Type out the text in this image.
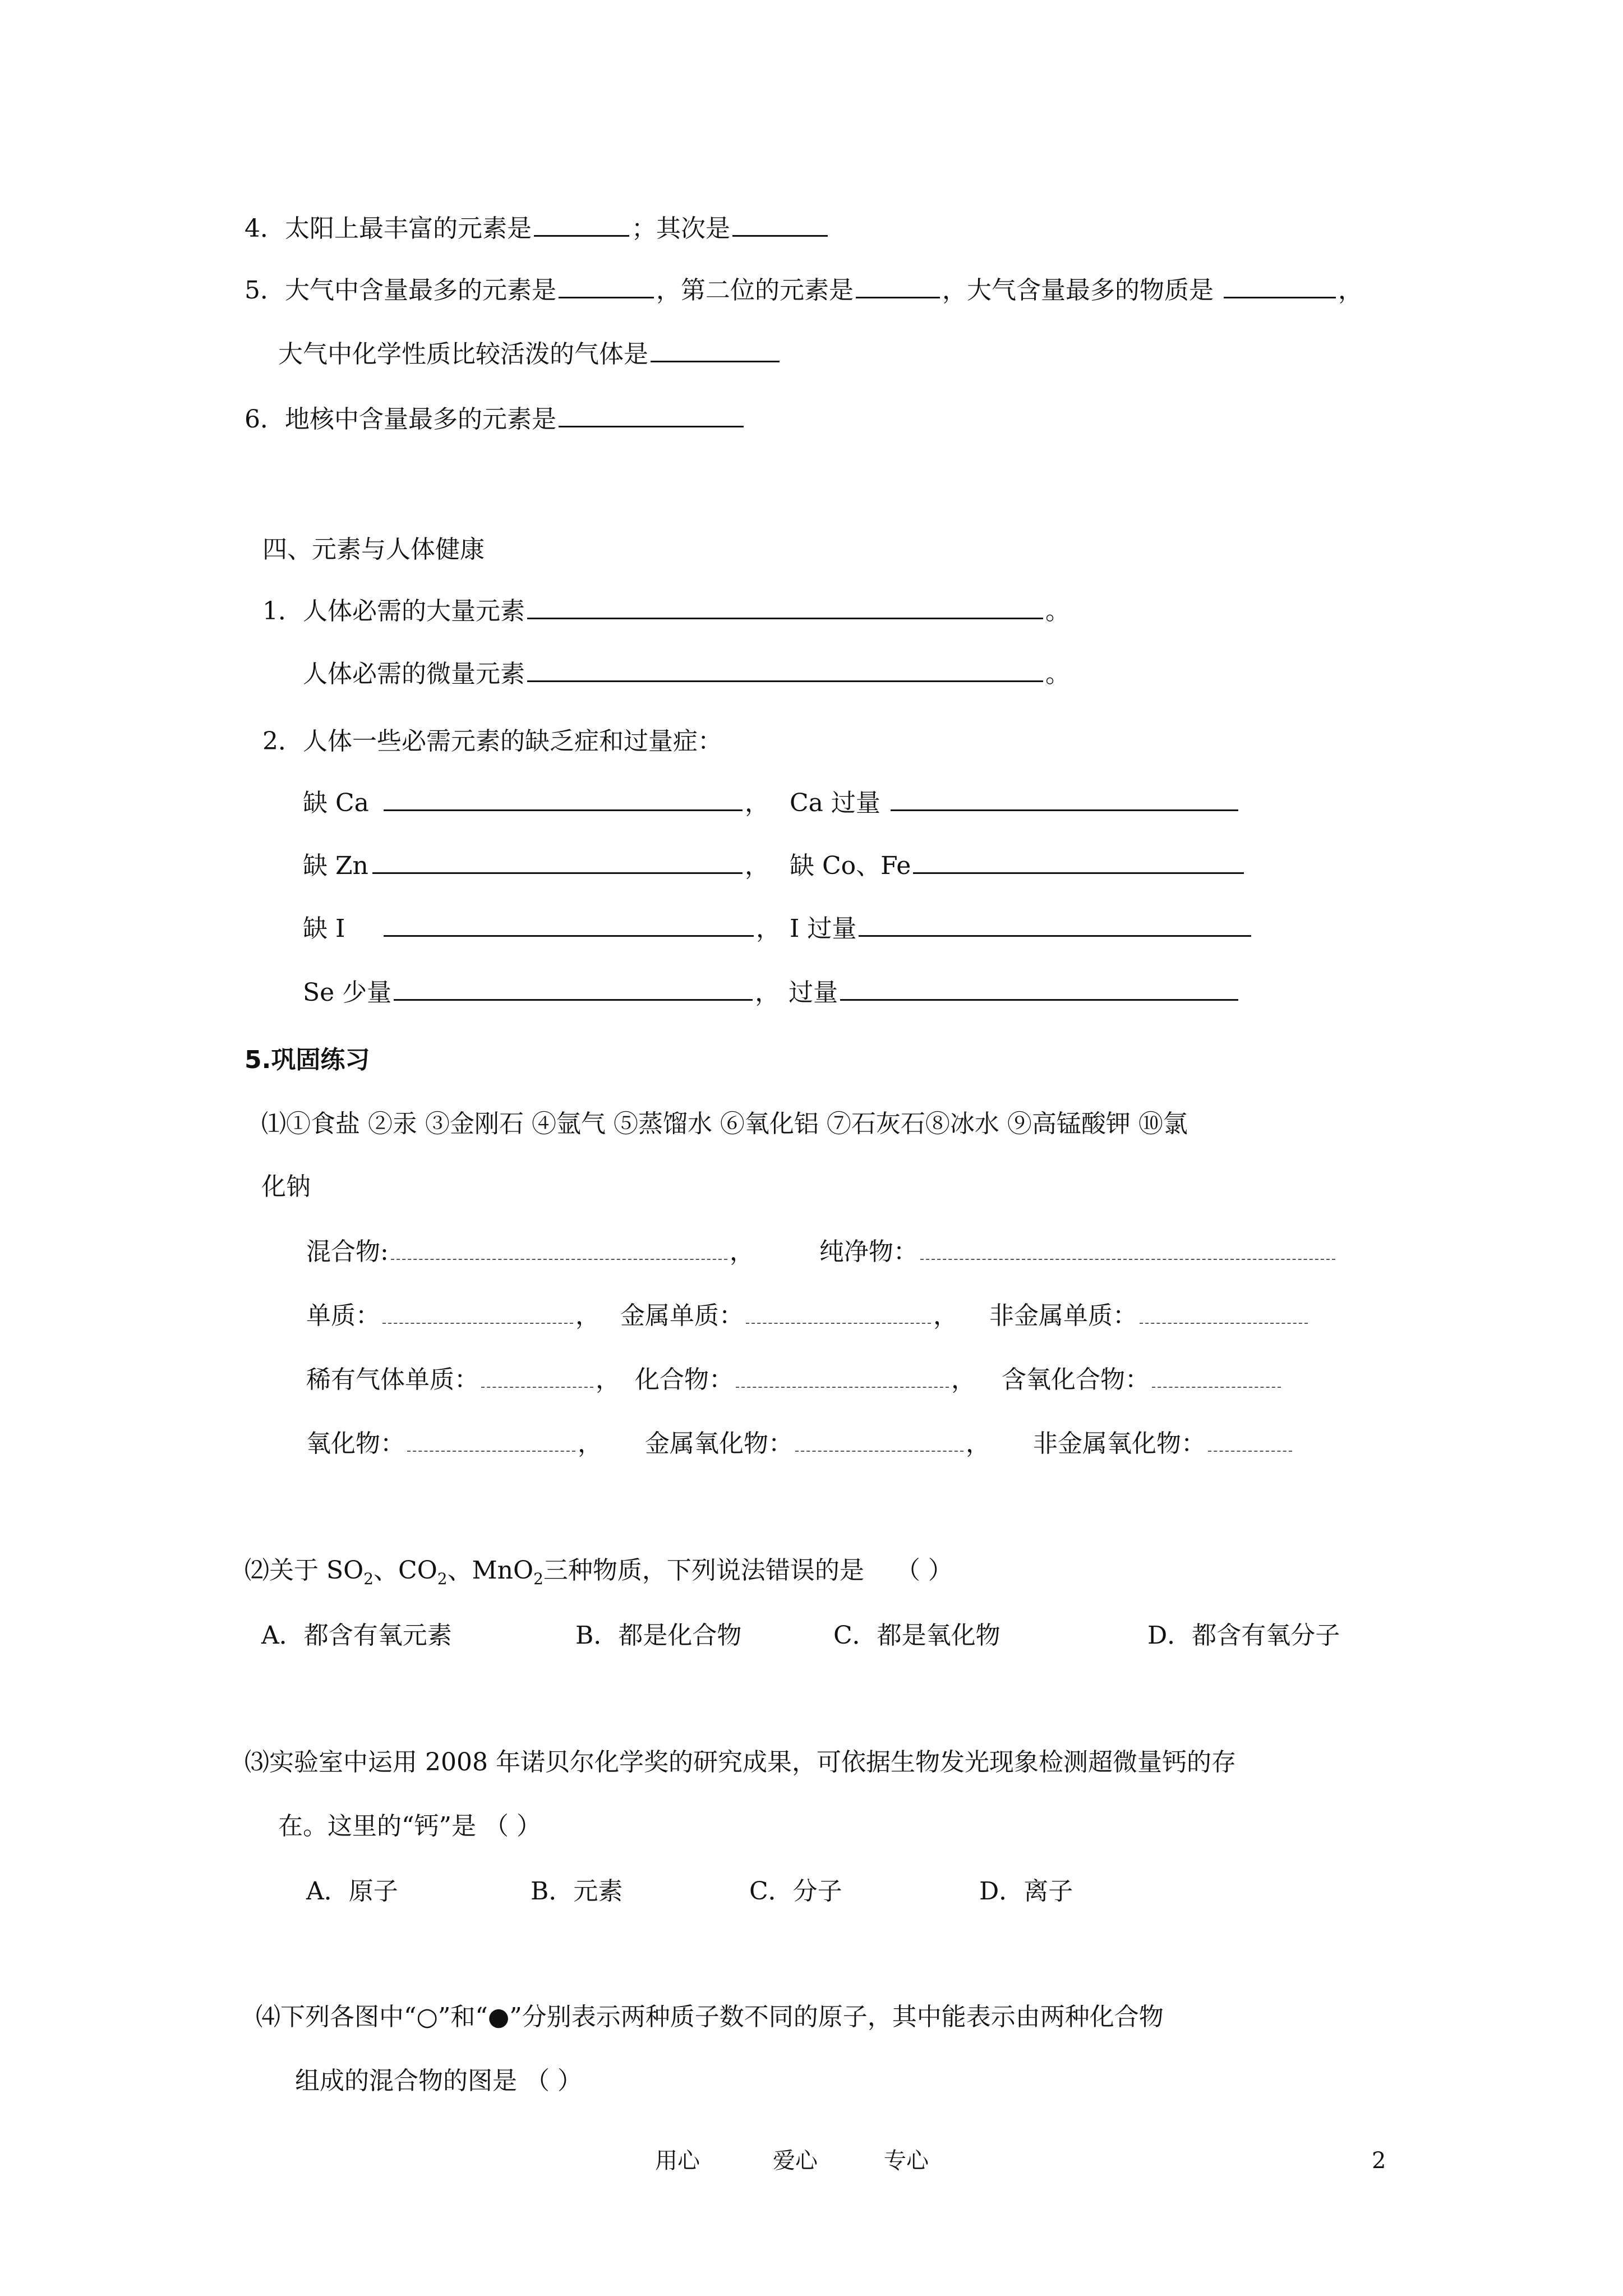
4．太阳上最丰富的元素是	；其次是
5．大气中含量最多的元素是	，第二位的元素是	，大气含量最多的物质是	，
大气中化学性质比较活泼的气体是
6．地核中含量最多的元素是
四、元素与人体健康
1．人体必需的大量元素	。
人体必需的微量元素	。
2．人体一些必需元素的缺乏症和过量症：
缺 Ca	， Ca 过量
缺 Zn	， 缺 Co、Fe
缺 I	， I 过量
Se 少量	， 过量
5.巩固练习
⑴①食盐 ②汞 ③金刚石 ④氩气 ⑤蒸馏水 ⑥氧化铝 ⑦石灰石⑧冰水 ⑨高锰酸钾 ⑩氯
化钠
混合物:	，	纯净物：
单质：	， 金属单质：	， 非金属单质：
稀有气体单质：	， 化合物：	， 含氧化合物：
氧化物：	， 金属氧化物：	， 非金属氧化物：
⑵关于 $SO_2$、$CO_2$、MnO$_2$三种物质，下列说法错误的是 （ ）
A．都含有氧元素	B．都是化合物	C．都是氧化物	D．都含有氧分子
⑶实验室中运用 2008 年诺贝尔化学奖的研究成果，可依据生物发光现象检测超微量钙的存
在。这里的“钙”是 （ ）
A．原子	B．元素	C．分子	D．离子
⑷下列各图中“○”和“●”分别表示两种质子数不同的原子，其中能表示由两种化合物
组成的混合物的图是 （ ）
用心	爱心	专心	2
